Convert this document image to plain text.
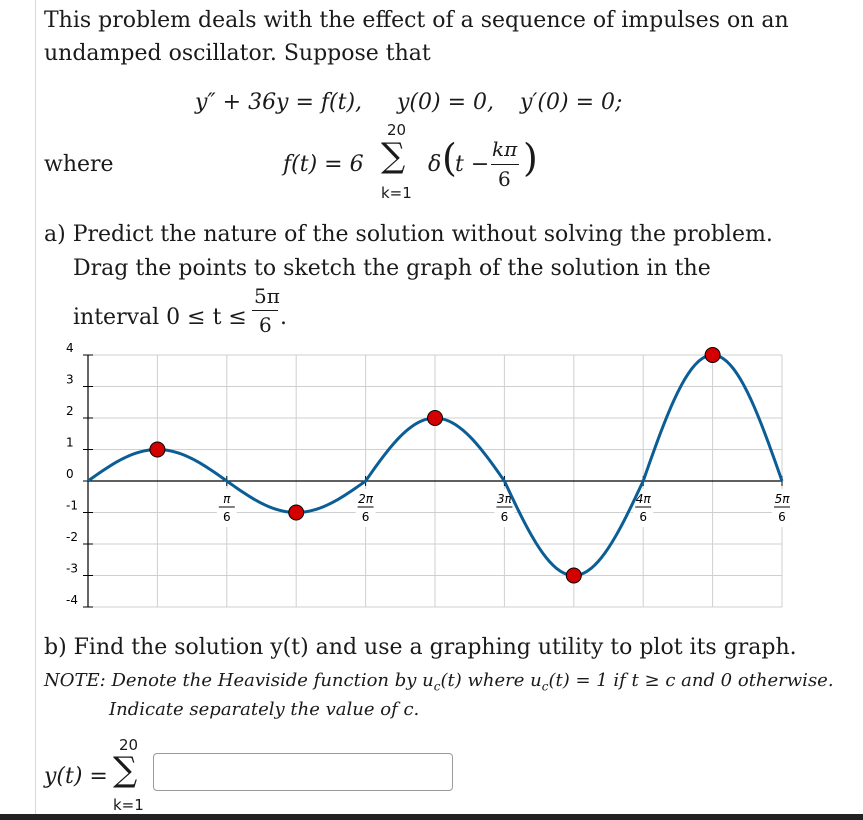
This problem deals with the effect of a sequence of impulses on an
undamped oscillator. Suppose that
y″ + 36y = f(t), y(0) = 0, y′(0) = 0;
where	f(t) = 6
20
∑
k=1
δ (
t −
kπ
6 )
a) Predict the nature of the solution without solving the problem.
Drag the points to sketch the graph of the solution in the
interval 0 ≤ t ≤
5π
6 .
4
3
2
1
0
-1
-2
-3
-4
π
6
2π
6
3π
6
4π
6
5π
6
b) Find the solution y(t) and use a graphing utility to plot its graph.
NOTE: Denote the Heaviside function by $u_c(t)$ where $u_c(t) = 1$ if t ≥ c and 0 otherwise.
Indicate separately the value of c.
y(t) =
20
∑
k=1
